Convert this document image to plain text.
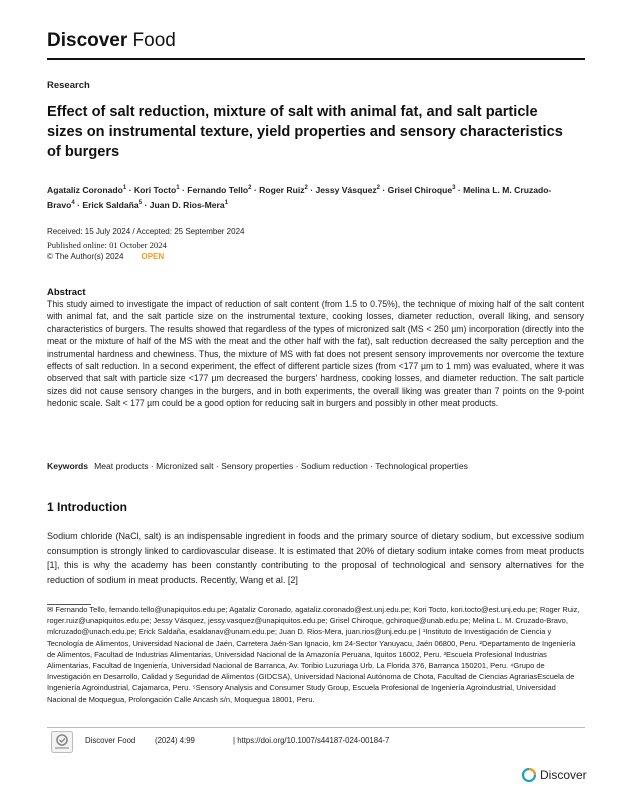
Discover Food
Research
Effect of salt reduction, mixture of salt with animal fat, and salt particle sizes on instrumental texture, yield properties and sensory characteristics of burgers
Agataliz Coronado$^1$ · Kori Tocto$^1$ · Fernando Tello$^2$ · Roger Ruiz$^2$ · Jessy Vásquez$^2$ · Grisel Chiroque$^3$ · Melina L. M. Cruzado-Bravo$^4$ · Erick Saldaña$^5$ · Juan D. Rios-Mera$^1$
Received: 15 July 2024 / Accepted: 25 September 2024
Published online: 01 October 2024
© The Author(s) 2024 OPEN
Abstract
This study aimed to investigate the impact of reduction of salt content (from 1.5 to 0.75%), the technique of mixing half of the salt content with animal fat, and the salt particle size on the instrumental texture, cooking losses, diameter reduction, overall liking, and sensory characteristics of burgers. The results showed that regardless of the types of micronized salt (MS < 250 µm) incorporation (directly into the meat or the mixture of half of the MS with the meat and the other half with the fat), salt reduction decreased the salty perception and the instrumental hardness and chewiness. Thus, the mixture of MS with fat does not present sensory improvements nor overcome the texture effects of salt reduction. In a second experiment, the effect of different particle sizes (from <177 µm to 1 mm) was evaluated, where it was observed that salt with particle size <177 µm decreased the burgers' hardness, cooking losses, and diameter reduction. The salt particle sizes did not cause sensory changes in the burgers, and in both experiments, the overall liking was greater than 7 points on the 9-point hedonic scale. Salt < 177 µm could be a good option for reducing salt in burgers and possibly in other meat products.
Keywords Meat products · Micronized salt · Sensory properties · Sodium reduction · Technological properties
1 Introduction
Sodium chloride (NaCl, salt) is an indispensable ingredient in foods and the primary source of dietary sodium, but excessive sodium consumption is strongly linked to cardiovascular disease. It is estimated that 20% of dietary sodium intake comes from meat products [1], this is why the academy has been constantly contributing to the proposal of technological and sensory alternatives for the reduction of sodium in meat products. Recently, Wang et al. [2]
✉ Fernando Tello, fernando.tello@unapiquitos.edu.pe; Agataliz Coronado, agataliz.coronado@est.unj.edu.pe; Kori Tocto, kori.tocto@est.unj.edu.pe; Roger Ruiz, roger.ruiz@unapiquitos.edu.pe; Jessy Vásquez, jessy.vasquez@unapiquitos.edu.pe; Grisel Chiroque, gchiroque@unab.edu.pe; Melina L. M. Cruzado-Bravo, mlcruzado@unach.edu.pe; Erick Saldaña, esaldanav@unam.edu.pe; Juan D. Rios-Mera, juan.rios@unj.edu.pe | ¹Instituto de Investigación de Ciencia y Tecnología de Alimentos, Universidad Nacional de Jaén, Carretera Jaén-San Ignacio, km 24-Sector Yanuyacu, Jaén 06800, Peru. ²Departamento de Ingeniería de Alimentos, Facultad de Industrias Alimentarias, Universidad Nacional de la Amazonía Peruana, Iquitos 16002, Peru. ³Escuela Profesional Industrias Alimentarias, Facultad de Ingeniería, Universidad Nacional de Barranca, Av. Toribio Luzuriaga Urb. La Florida 376, Barranca 150201, Peru. ⁴Grupo de Investigación en Desarrollo, Calidad y Seguridad de Alimentos (GIDCSA), Universidad Nacional Autónoma de Chota, Facultad de Ciencias AgrariasEscuela de Ingeniería Agroindustrial, Cajamarca, Peru. ⁵Sensory Analysis and Consumer Study Group, Escuela Profesional de Ingeniería Agroindustrial, Universidad Nacional de Moquegua, Prolongación Calle Ancash s/n, Moquegua 18001, Peru.
Discover Food	(2024) 4:99	| https://doi.org/10.1007/s44187-024-00184-7
Discover
